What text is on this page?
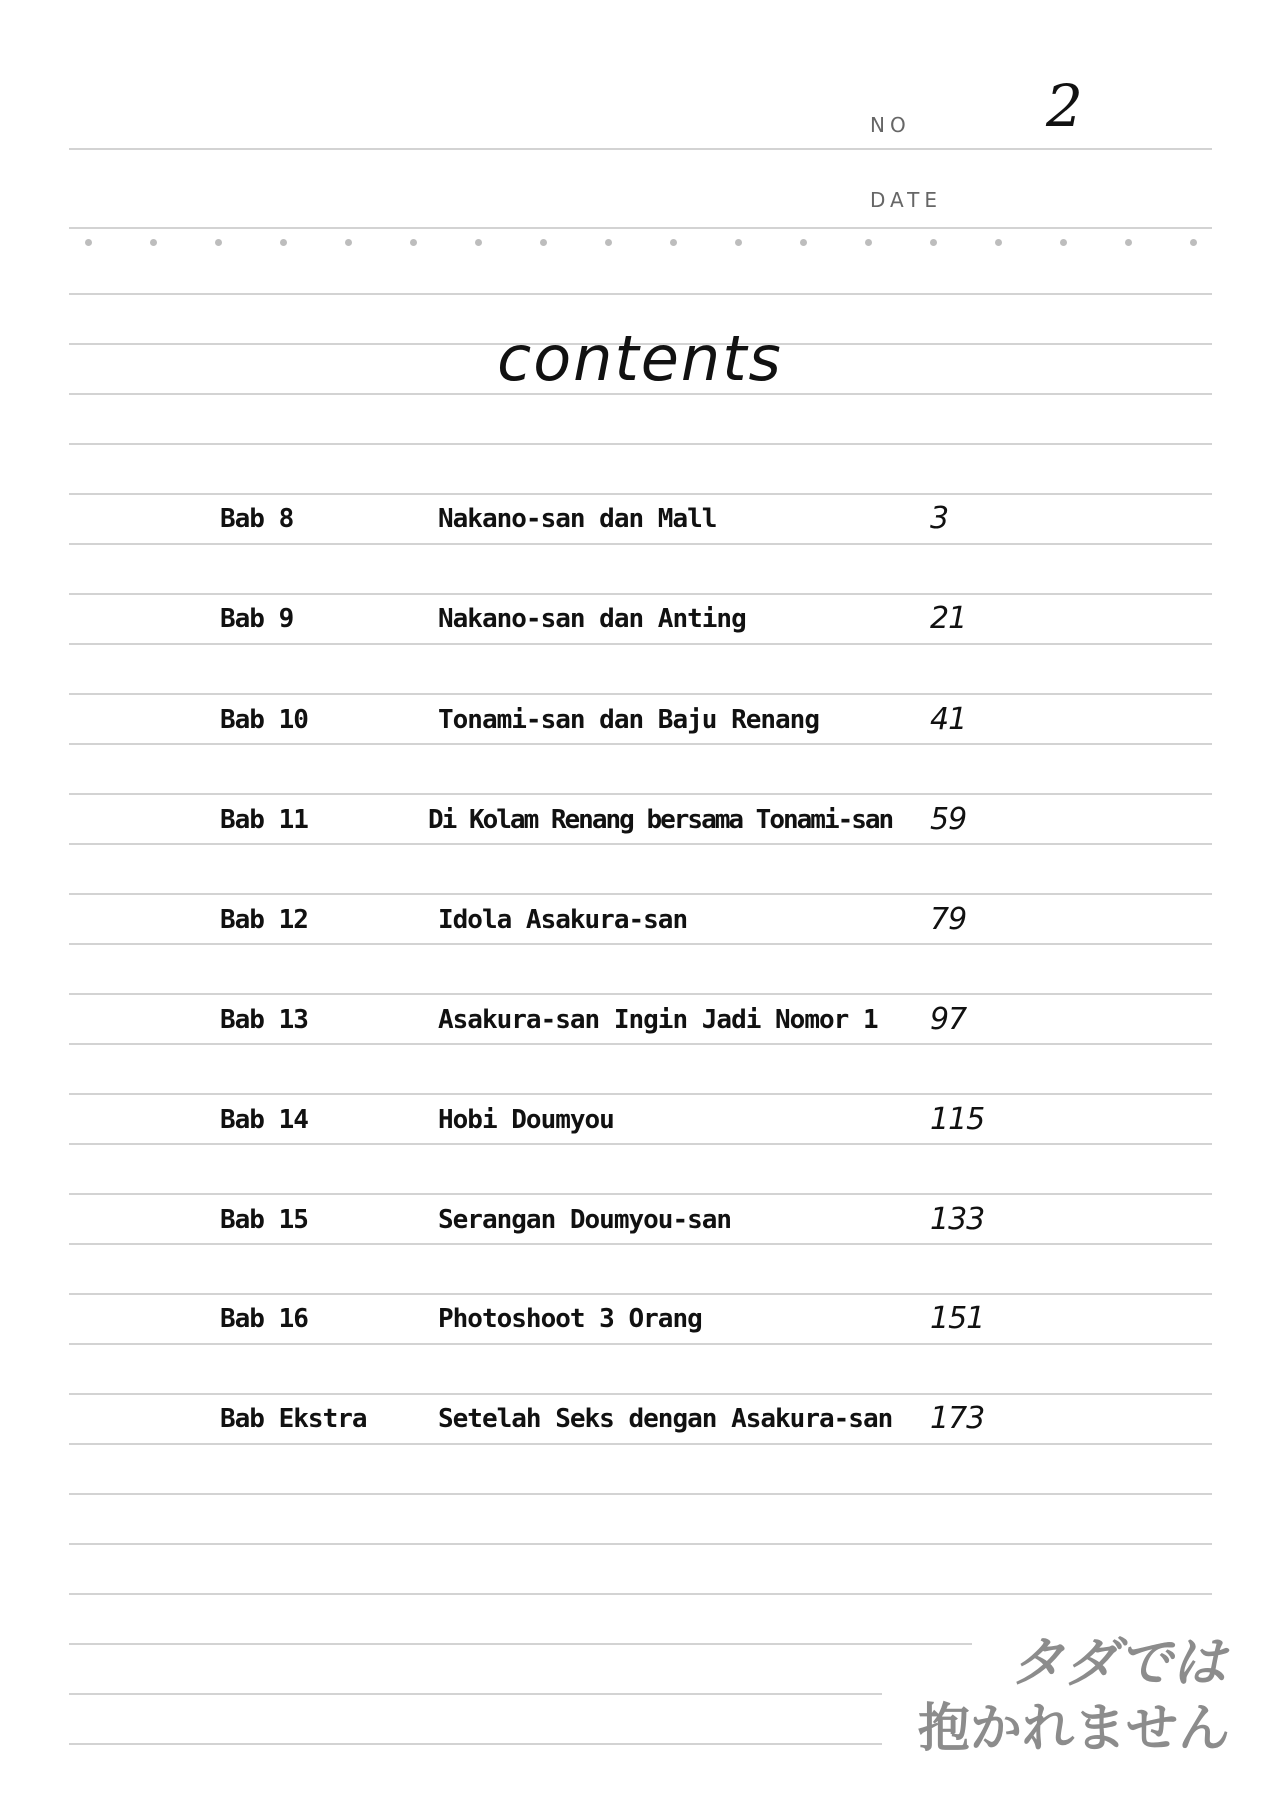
NO 2
DATE
contents
Bab 8	Nakano-san dan Mall	3
Bab 9	Nakano-san dan Anting	21
Bab 10	Tonami-san dan Baju Renang	41
Bab 11	Di Kolam Renang bersama Tonami-san 59
Bab 12	Idola Asakura-san	79
Bab 13	Asakura-san Ingin Jadi Nomor 1 97
Bab 14	Hobi Doumyou	115
Bab 15	Serangan Doumyou-san	133
Bab 16	Photoshoot 3 Orang	151
Bab Ekstra	Setelah Seks dengan Asakura-san 173
タダでは
抱かれません
